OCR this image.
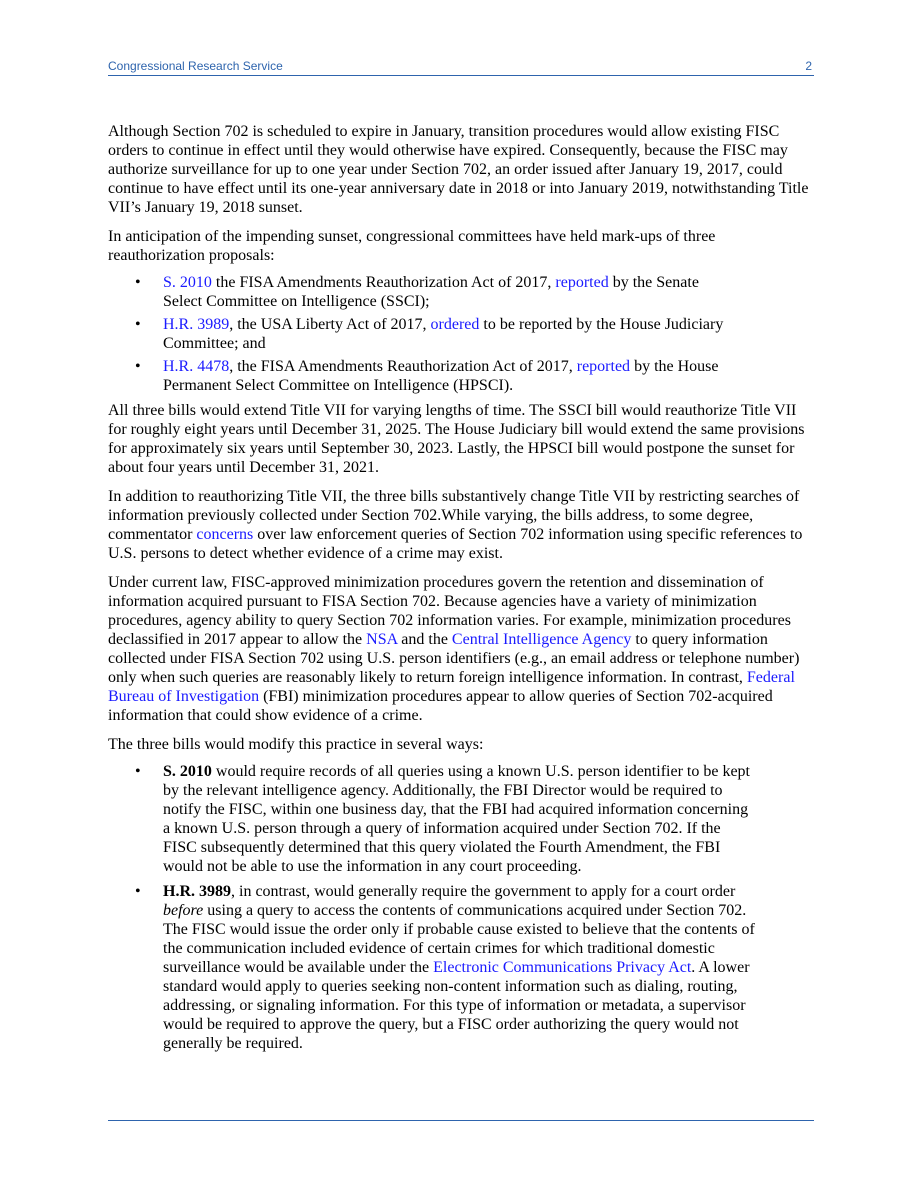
Congressional Research Service	2

Although Section 702 is scheduled to expire in January, transition procedures would allow existing FISC orders to continue in effect until they would otherwise have expired. Consequently, because the FISC may authorize surveillance for up to one year under Section 702, an order issued after January 19, 2017, could continue to have effect until its one-year anniversary date in 2018 or into January 2019, notwithstanding Title VII’s January 19, 2018 sunset.

In anticipation of the impending sunset, congressional committees have held mark-ups of three reauthorization proposals:

• S. 2010 the FISA Amendments Reauthorization Act of 2017, reported by the Senate Select Committee on Intelligence (SSCI);
• H.R. 3989, the USA Liberty Act of 2017, ordered to be reported by the House Judiciary Committee; and
• H.R. 4478, the FISA Amendments Reauthorization Act of 2017, reported by the House Permanent Select Committee on Intelligence (HPSCI).

All three bills would extend Title VII for varying lengths of time. The SSCI bill would reauthorize Title VII for roughly eight years until December 31, 2025. The House Judiciary bill would extend the same provisions for approximately six years until September 30, 2023. Lastly, the HPSCI bill would postpone the sunset for about four years until December 31, 2021.

In addition to reauthorizing Title VII, the three bills substantively change Title VII by restricting searches of information previously collected under Section 702.While varying, the bills address, to some degree, commentator concerns over law enforcement queries of Section 702 information using specific references to U.S. persons to detect whether evidence of a crime may exist.

Under current law, FISC-approved minimization procedures govern the retention and dissemination of information acquired pursuant to FISA Section 702. Because agencies have a variety of minimization procedures, agency ability to query Section 702 information varies. For example, minimization procedures declassified in 2017 appear to allow the NSA and the Central Intelligence Agency to query information collected under FISA Section 702 using U.S. person identifiers (e.g., an email address or telephone number) only when such queries are reasonably likely to return foreign intelligence information. In contrast, Federal Bureau of Investigation (FBI) minimization procedures appear to allow queries of Section 702-acquired information that could show evidence of a crime.

The three bills would modify this practice in several ways:

• S. 2010 would require records of all queries using a known U.S. person identifier to be kept by the relevant intelligence agency. Additionally, the FBI Director would be required to notify the FISC, within one business day, that the FBI had acquired information concerning a known U.S. person through a query of information acquired under Section 702. If the FISC subsequently determined that this query violated the Fourth Amendment, the FBI would not be able to use the information in any court proceeding.
• H.R. 3989, in contrast, would generally require the government to apply for a court order before using a query to access the contents of communications acquired under Section 702. The FISC would issue the order only if probable cause existed to believe that the contents of the communication included evidence of certain crimes for which traditional domestic surveillance would be available under the Electronic Communications Privacy Act. A lower standard would apply to queries seeking non-content information such as dialing, routing, addressing, or signaling information. For this type of information or metadata, a supervisor would be required to approve the query, but a FISC order authorizing the query would not generally be required.
